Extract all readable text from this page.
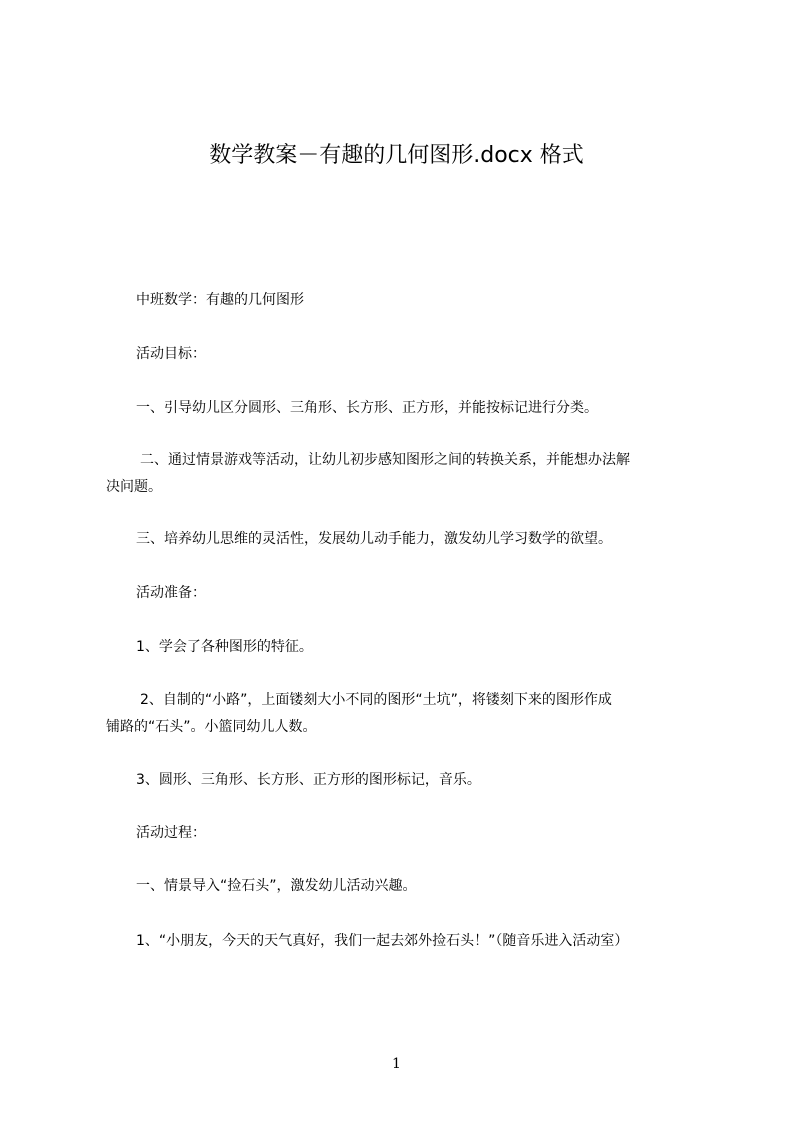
数学教案－有趣的几何图形.docx 格式
中班数学：有趣的几何图形
活动目标：
一、引导幼儿区分圆形、三角形、长方形、正方形，并能按标记进行分类。
二、通过情景游戏等活动，让幼儿初步感知图形之间的转换关系，并能想办法解
决问题。
三、培养幼儿思维的灵活性，发展幼儿动手能力，激发幼儿学习数学的欲望。
活动准备：
1、学会了各种图形的特征。
2、自制的“小路”，上面镂刻大小不同的图形“土坑”，将镂刻下来的图形作成
铺路的“石头”。小篮同幼儿人数。
3、圆形、三角形、长方形、正方形的图形标记，音乐。
活动过程：
一、情景导入“捡石头”，激发幼儿活动兴趣。
1、“小朋友，今天的天气真好，我们一起去郊外捡石头！”（随音乐进入活动室）
1
